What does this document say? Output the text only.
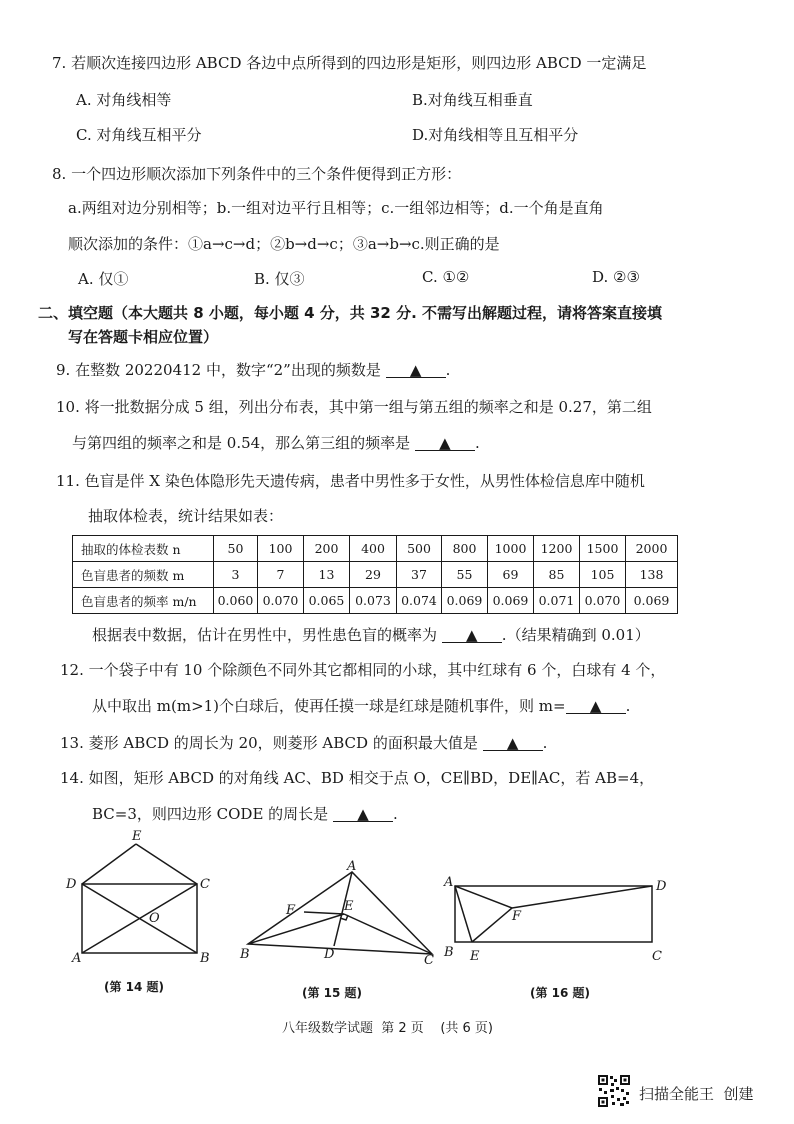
7. 若顺次连接四边形 ABCD 各边中点所得到的四边形是矩形，则四边形 ABCD 一定满足
A. 对角线相等	B.对角线互相垂直
C. 对角线互相平分	D.对角线相等且互相平分
8. 一个四边形顺次添加下列条件中的三个条件便得到正方形：
a.两组对边分别相等；b.一组对边平行且相等；c.一组邻边相等；d.一个角是直角
顺次添加的条件：①a→c→d；②b→d→c；③a→b→c.则正确的是
A. 仅①	B. 仅③	C. ①②	D. ②③
二、填空题（本大题共 8 小题，每小题 4 分，共 32 分. 不需写出解题过程，请将答案直接填
写在答题卡相应位置）
9. 在整数 20220412 中，数字“2”出现的频数是 ▲ .
10. 将一批数据分成 5 组，列出分布表，其中第一组与第五组的频率之和是 0.27，第二组
与第四组的频率之和是 0.54，那么第三组的频率是 ▲ .
11. 色盲是伴 X 染色体隐形先天遗传病，患者中男性多于女性，从男性体检信息库中随机
抽取体检表，统计结果如表：
抽取的体检表数 n	50	100	200	400	500	800	1000	1200	1500	2000
色盲患者的频数 m	3	7	13	29	37	55	69	85	105	138
色盲患者的频率 m/n	0.060	0.070	0.065	0.073	0.074	0.069	0.069	0.071	0.070	0.069
根据表中数据，估计在男性中，男性患色盲的概率为 ▲ .（结果精确到 0.01）
12. 一个袋子中有 10 个除颜色不同外其它都相同的小球，其中红球有 6 个，白球有 4 个，
从中取出 m(m>1)个白球后，使再任摸一球是红球是随机事件，则 m= ▲ .
13. 菱形 ABCD 的周长为 20，则菱形 ABCD 的面积最大值是 ▲ .
14. 如图，矩形 ABCD 的对角线 AC、BD 相交于点 O，CE∥BD，DE∥AC，若 AB=4，
BC=3，则四边形 CODE 的周长是 ▲ .
E
D	C
O
A	B
(第 14 题)
A
F	E
B	D	C
(第 15 题)
A	D
F
B E	C
(第 16 题)
八年级数学试题  第 2 页    (共 6 页)
扫描全能王  创建
